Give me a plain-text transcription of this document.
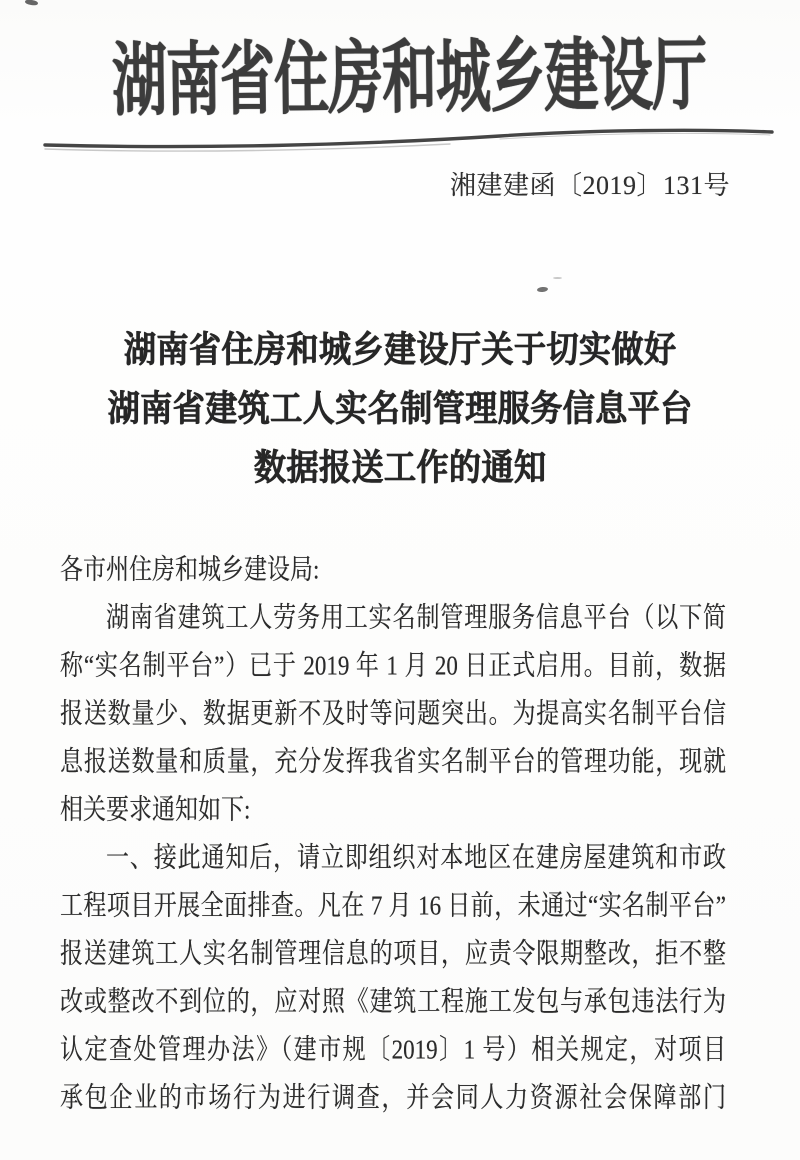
湖南省住房和城乡建设厅
湘建建函〔2019〕131号
湖南省住房和城乡建设厅关于切实做好
湖南省建筑工人实名制管理服务信息平台
数据报送工作的通知

各市州住房和城乡建设局:

湖南省建筑工人劳务用工实名制管理服务信息平台（以下简

称“实名制平台”）已于 2019 年 1 月 20 日正式启用。目前，数据

报送数量少、数据更新不及时等问题突出。为提高实名制平台信

息报送数量和质量，充分发挥我省实名制平台的管理功能，现就

相关要求通知如下:

一、接此通知后，请立即组织对本地区在建房屋建筑和市政

工程项目开展全面排查。凡在 7 月 16 日前，未通过“实名制平台”

报送建筑工人实名制管理信息的项目，应责令限期整改，拒不整

改或整改不到位的，应对照《建筑工程施工发包与承包违法行为

认定查处管理办法》（建市规〔2019〕1 号）相关规定，对项目

承包企业的市场行为进行调查，并会同人力资源社会保障部门
